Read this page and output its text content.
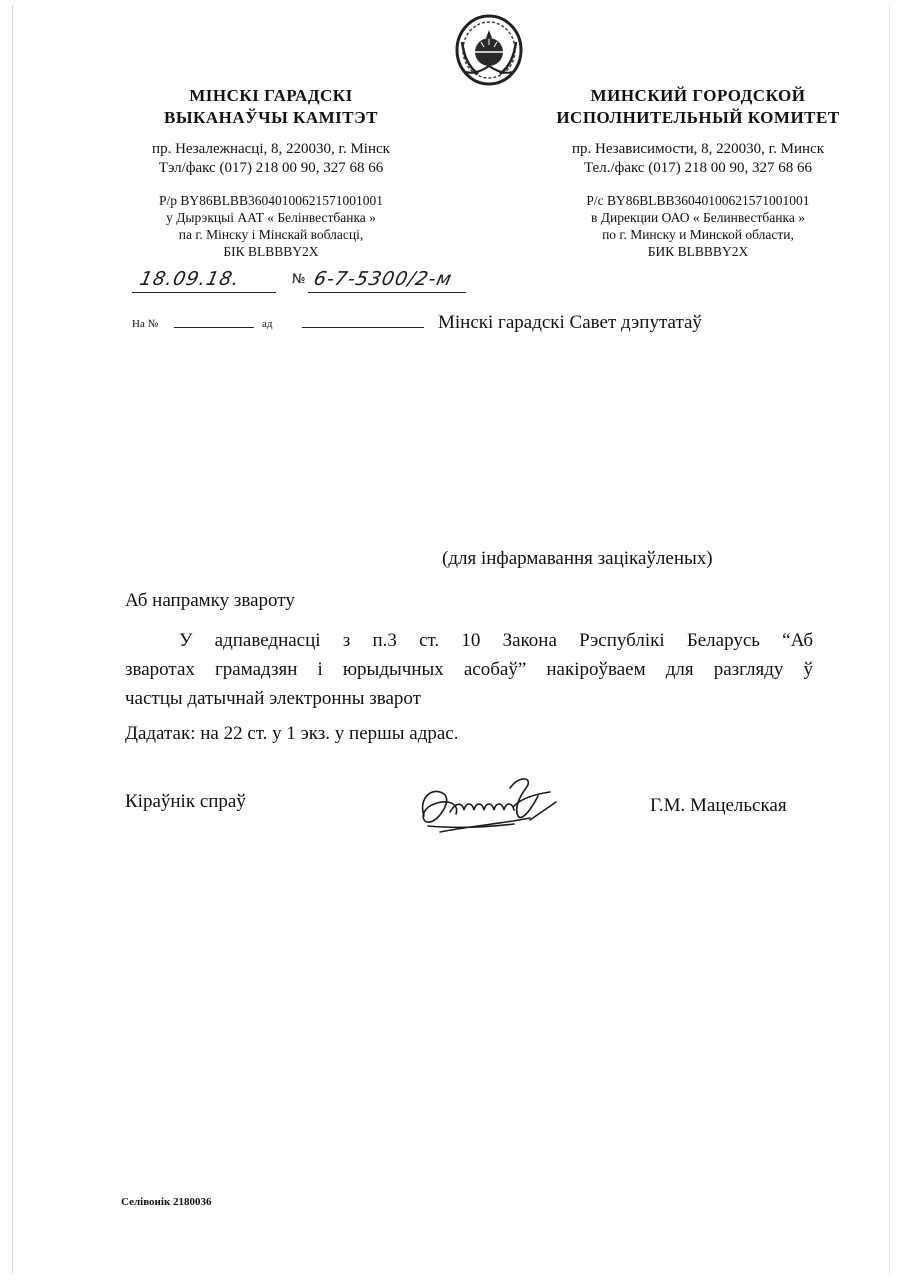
МІНСКІ ГАРАДСКІ
ВЫКАНАЎЧЫ КАМІТЭТ
пр. Незалежнасці, 8, 220030, г. Мінск
Тэл/факс (017) 218 00 90, 327 68 66
Р/р BY86BLBB36040100621571001001
у Дырэкцыі ААТ « Белінвестбанка »
па г. Мінску і Мінскай вобласці,
БІК BLBBBY2X
МИНСКИЙ ГОРОДСКОЙ
ИСПОЛНИТЕЛЬНЫЙ КОМИТЕТ
пр. Независимости, 8, 220030, г. Минск
Тел./факс (017) 218 00 90, 327 68 66
Р/с BY86BLBB36040100621571001001
в Дирекции ОАО « Белинвестбанка »
по г. Минску и Минской области,
БИК BLBBBY2X
18.09.18.	№ 6-7-5300/2-м
На №	ад	Мінскі гарадскі Савет дэпутатаў
(для інфармавання зацікаўленых)
Аб напрамку звароту
У адпаведнасці з п.3 ст. 10 Закона Рэспублікі Беларусь “Аб
зваротах грамадзян і юрыдычных асобаў” накіроўваем для разгляду ў
частцы датычнай электронны зварот
Дадатак: на 22 ст. у 1 экз. у першы адрас.
Кіраўнік спраў	Г.М. Мацельская
Селівонік 2180036
